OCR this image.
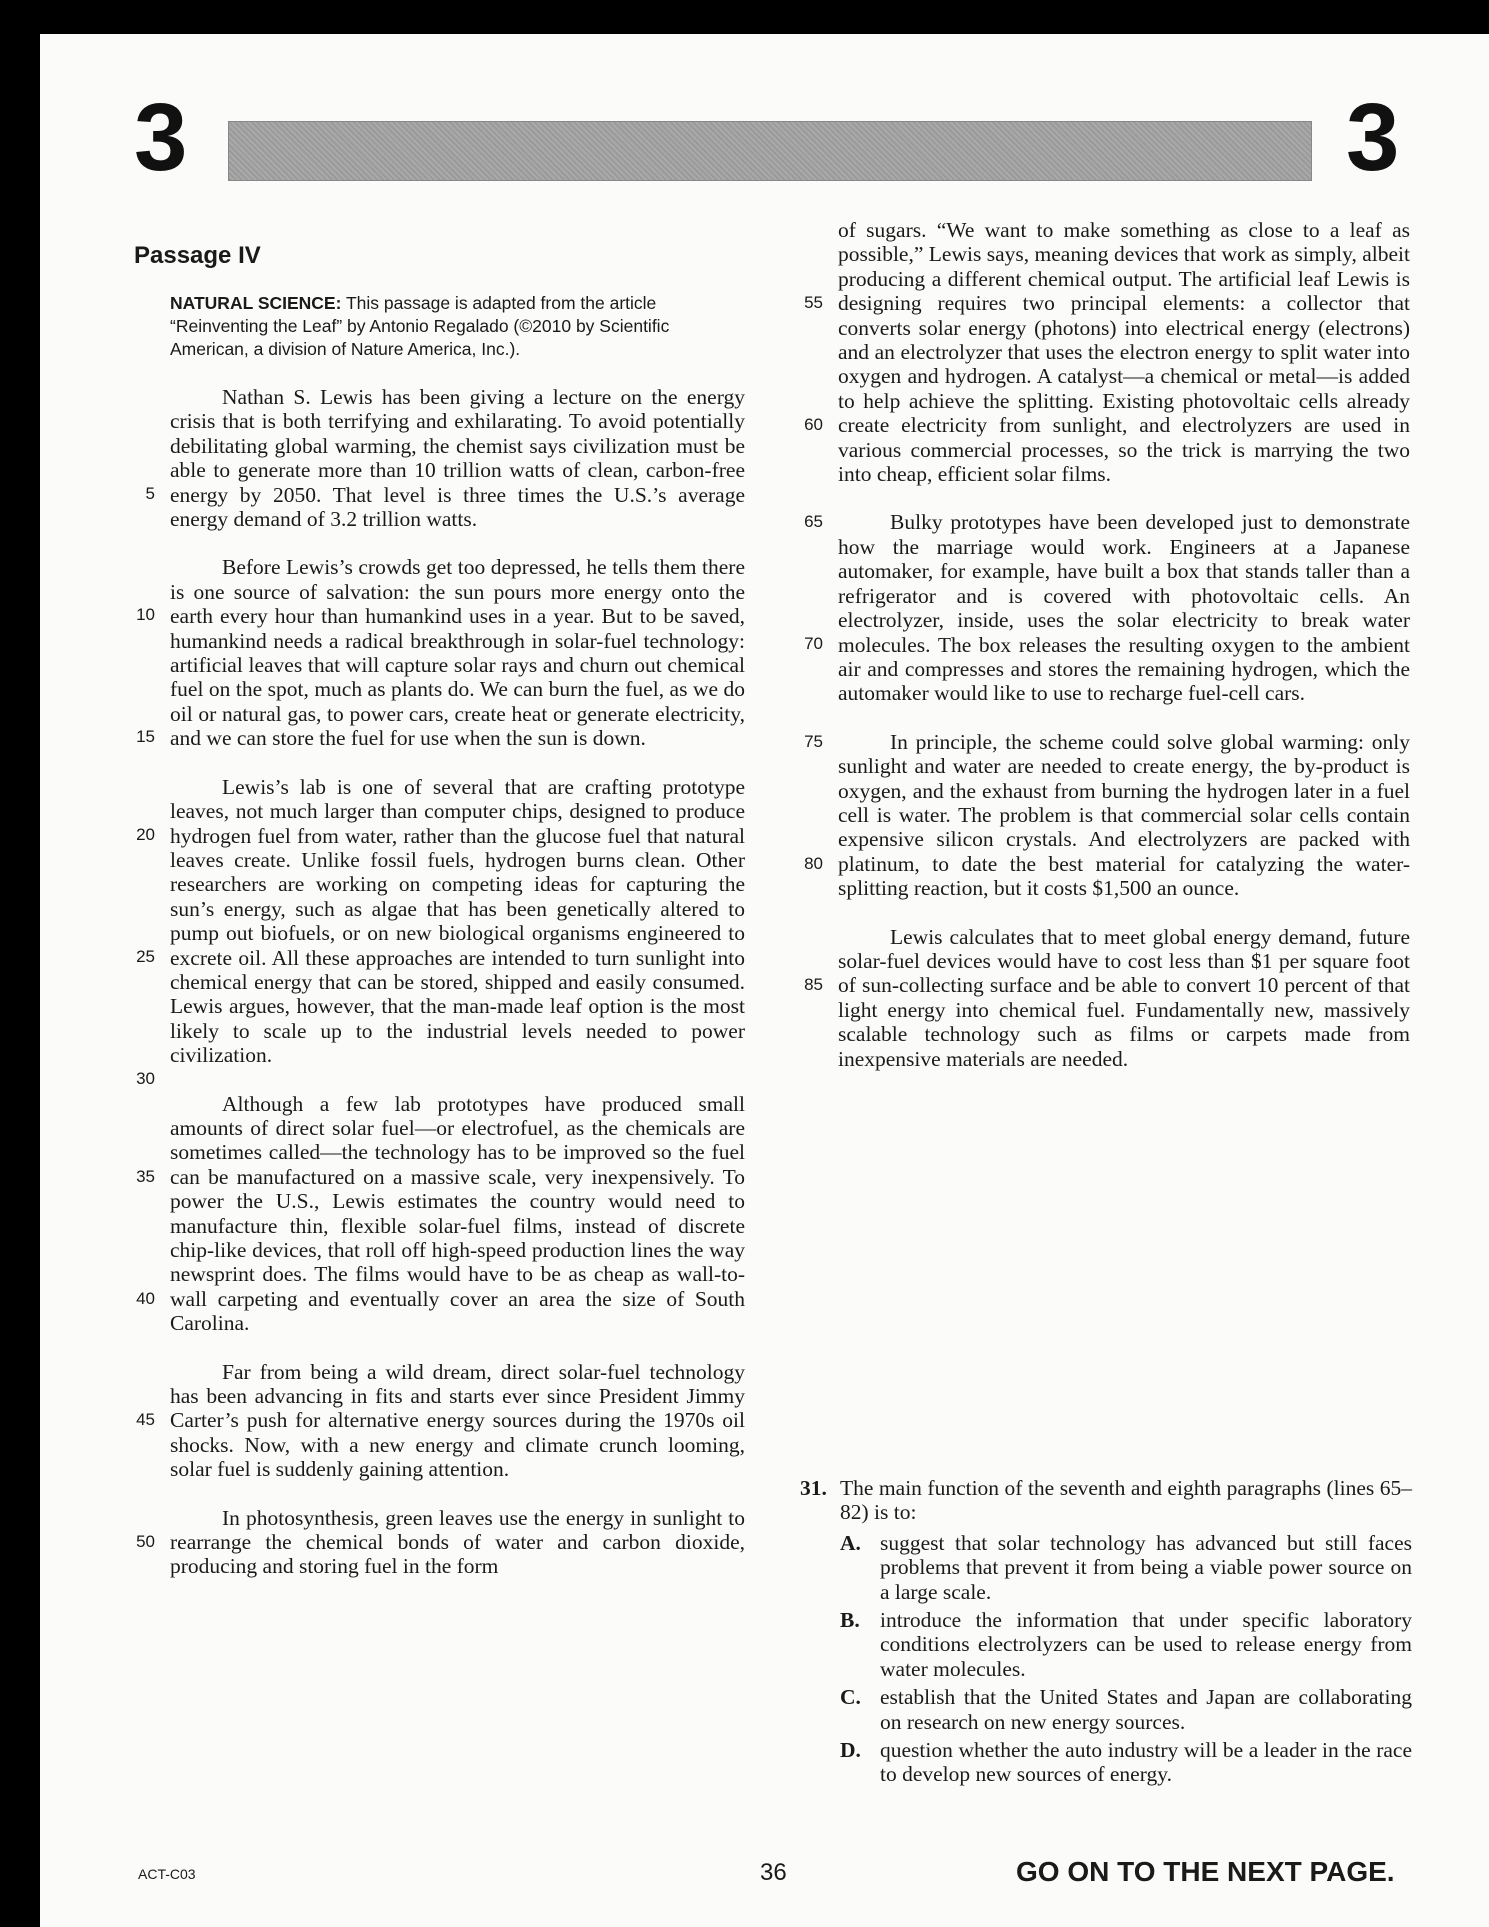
3	3
Passage IV
NATURAL SCIENCE: This passage is adapted from the article “Reinventing the Leaf” by Antonio Regalado (©2010 by Scientific American, a division of Nature America, Inc.).

5
Nathan S. Lewis has been giving a lecture on the energy crisis that is both terrifying and exhilarating. To avoid potentially debilitating global warming, the chemist says civilization must be able to generate more than 10 trillion watts of clean, carbon-free energy by 2050. That level is three times the U.S.’s average energy demand of 3.2 trillion watts.

10
15
Before Lewis’s crowds get too depressed, he tells them there is one source of salvation: the sun pours more energy onto the earth every hour than humankind uses in a year. But to be saved, humankind needs a radical breakthrough in solar-fuel technology: artificial leaves that will capture solar rays and churn out chemical fuel on the spot, much as plants do. We can burn the fuel, as we do oil or natural gas, to power cars, create heat or generate electricity, and we can store the fuel for use when the sun is down.

20
25
30
Lewis’s lab is one of several that are crafting prototype leaves, not much larger than computer chips, designed to produce hydrogen fuel from water, rather than the glucose fuel that natural leaves create. Unlike fossil fuels, hydrogen burns clean. Other researchers are working on competing ideas for capturing the sun’s energy, such as algae that has been genetically altered to pump out biofuels, or on new biological organisms engineered to excrete oil. All these approaches are intended to turn sunlight into chemical energy that can be stored, shipped and easily consumed. Lewis argues, however, that the man-made leaf option is the most likely to scale up to the industrial levels needed to power civilization.

35
40
Although a few lab prototypes have produced small amounts of direct solar fuel—or electrofuel, as the chemicals are sometimes called—the technology has to be improved so the fuel can be manufactured on a massive scale, very inexpensively. To power the U.S., Lewis estimates the country would need to manufacture thin, flexible solar-fuel films, instead of discrete chip-like devices, that roll off high-speed production lines the way newsprint does. The films would have to be as cheap as wall-to-wall carpeting and eventually cover an area the size of South Carolina.

45
Far from being a wild dream, direct solar-fuel technology has been advancing in fits and starts ever since President Jimmy Carter’s push for alternative energy sources during the 1970s oil shocks. Now, with a new energy and climate crunch looming, solar fuel is suddenly gaining attention.

50
In photosynthesis, green leaves use the energy in sunlight to rearrange the chemical bonds of water and carbon dioxide, producing and storing fuel in the form

55
60
of sugars. “We want to make something as close to a leaf as possible,” Lewis says, meaning devices that work as simply, albeit producing a different chemical output. The artificial leaf Lewis is designing requires two principal elements: a collector that converts solar energy (photons) into electrical energy (electrons) and an electrolyzer that uses the electron energy to split water into oxygen and hydrogen. A catalyst—a chemical or metal—is added to help achieve the splitting. Existing photovoltaic cells already create electricity from sunlight, and electrolyzers are used in various commercial processes, so the trick is marrying the two into cheap, efficient solar films.

65
70
Bulky prototypes have been developed just to demonstrate how the marriage would work. Engineers at a Japanese automaker, for example, have built a box that stands taller than a refrigerator and is covered with photovoltaic cells. An electrolyzer, inside, uses the solar electricity to break water molecules. The box releases the resulting oxygen to the ambient air and compresses and stores the remaining hydrogen, which the automaker would like to use to recharge fuel-cell cars.

75
80
In principle, the scheme could solve global warming: only sunlight and water are needed to create energy, the by-product is oxygen, and the exhaust from burning the hydrogen later in a fuel cell is water. The problem is that commercial solar cells contain expensive silicon crystals. And electrolyzers are packed with platinum, to date the best material for catalyzing the water-splitting reaction, but it costs $1,500 an ounce.

85
Lewis calculates that to meet global energy demand, future solar-fuel devices would have to cost less than $1 per square foot of sun-collecting surface and be able to convert 10 percent of that light energy into chemical fuel. Fundamentally new, massively scalable technology such as films or carpets made from inexpensive materials are needed.

31. The main function of the seventh and eighth paragraphs (lines 65–82) is to:
A. suggest that solar technology has advanced but still faces problems that prevent it from being a viable power source on a large scale.
B. introduce the information that under specific laboratory conditions electrolyzers can be used to release energy from water molecules.
C. establish that the United States and Japan are collaborating on research on new energy sources.
D. question whether the auto industry will be a leader in the race to develop new sources of energy.
ACT-C03	36	GO ON TO THE NEXT PAGE.
